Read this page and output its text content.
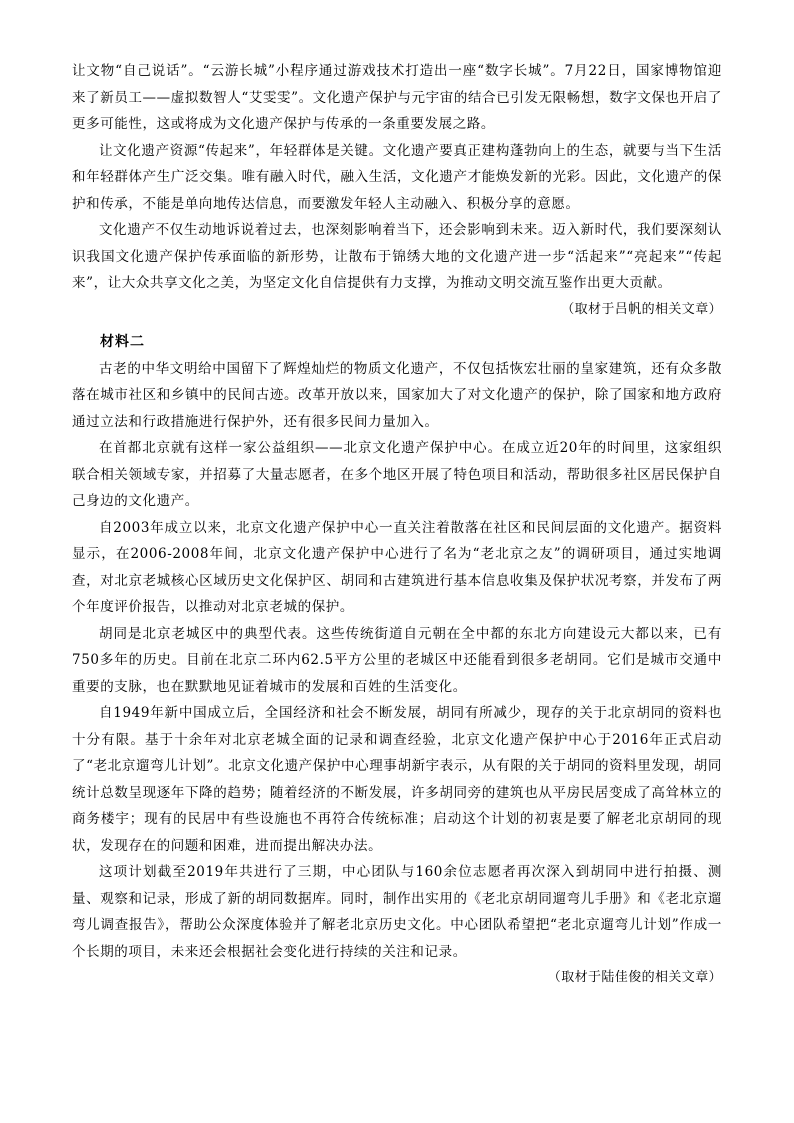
让文物“自己说话”。“云游长城”小程序通过游戏技术打造出一座“数字长城”。7月22日，国家博物馆迎来了新员工——虚拟数智人“艾雯雯”。文化遗产保护与元宇宙的结合已引发无限畅想，数字文保也开启了更多可能性，这或将成为文化遗产保护与传承的一条重要发展之路。

让文化遗产资源“传起来”，年轻群体是关键。文化遗产要真正建构蓬勃向上的生态，就要与当下生活和年轻群体产生广泛交集。唯有融入时代，融入生活，文化遗产才能焕发新的光彩。因此，文化遗产的保护和传承，不能是单向地传达信息，而要激发年轻人主动融入、积极分享的意愿。

文化遗产不仅生动地诉说着过去，也深刻影响着当下，还会影响到未来。迈入新时代，我们要深刻认识我国文化遗产保护传承面临的新形势，让散布于锦绣大地的文化遗产进一步“活起来”“亮起来”“传起来”，让大众共享文化之美，为坚定文化自信提供有力支撑，为推动文明交流互鉴作出更大贡献。

（取材于吕帆的相关文章）

材料二

古老的中华文明给中国留下了辉煌灿烂的物质文化遗产，不仅包括恢宏壮丽的皇家建筑，还有众多散落在城市社区和乡镇中的民间古迹。改革开放以来，国家加大了对文化遗产的保护，除了国家和地方政府通过立法和行政措施进行保护外，还有很多民间力量加入。

在首都北京就有这样一家公益组织——北京文化遗产保护中心。在成立近20年的时间里，这家组织联合相关领域专家，并招募了大量志愿者，在多个地区开展了特色项目和活动，帮助很多社区居民保护自己身边的文化遗产。

自2003年成立以来，北京文化遗产保护中心一直关注着散落在社区和民间层面的文化遗产。据资料显示，在2006-2008年间，北京文化遗产保护中心进行了名为“老北京之友”的调研项目，通过实地调查，对北京老城核心区域历史文化保护区、胡同和古建筑进行基本信息收集及保护状况考察，并发布了两个年度评价报告，以推动对北京老城的保护。

胡同是北京老城区中的典型代表。这些传统街道自元朝在全中都的东北方向建设元大都以来，已有750多年的历史。目前在北京二环内62.5平方公里的老城区中还能看到很多老胡同。它们是城市交通中重要的支脉，也在默默地见证着城市的发展和百姓的生活变化。

自1949年新中国成立后，全国经济和社会不断发展，胡同有所减少，现存的关于北京胡同的资料也十分有限。基于十余年对北京老城全面的记录和调查经验，北京文化遗产保护中心于2016年正式启动了“老北京遛弯儿计划”。北京文化遗产保护中心理事胡新宇表示，从有限的关于胡同的资料里发现，胡同统计总数呈现逐年下降的趋势；随着经济的不断发展，许多胡同旁的建筑也从平房民居变成了高耸林立的商务楼宇；现有的民居中有些设施也不再符合传统标准；启动这个计划的初衷是要了解老北京胡同的现状，发现存在的问题和困难，进而提出解决办法。

这项计划截至2019年共进行了三期，中心团队与160余位志愿者再次深入到胡同中进行拍摄、测量、观察和记录，形成了新的胡同数据库。同时，制作出实用的《老北京胡同遛弯儿手册》和《老北京遛弯儿调查报告》，帮助公众深度体验并了解老北京历史文化。中心团队希望把“老北京遛弯儿计划”作成一个长期的项目，未来还会根据社会变化进行持续的关注和记录。

（取材于陆佳俊的相关文章）
